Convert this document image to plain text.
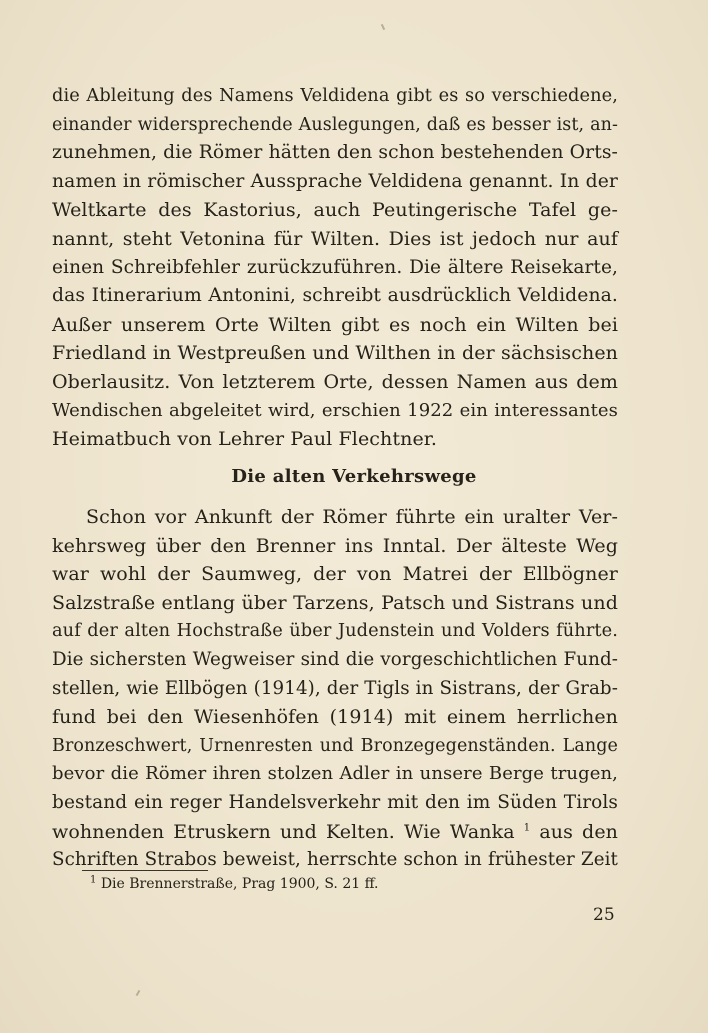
die Ableitung des Namens Veldidena gibt es so verschiedene,
einander widersprechende Auslegungen, daß es besser ist, an-
zunehmen, die Römer hätten den schon bestehenden Orts-
namen in römischer Aussprache Veldidena genannt. In der
Weltkarte des Kastorius, auch Peutingerische Tafel ge-
nannt, steht Vetonina für Wilten. Dies ist jedoch nur auf
einen Schreibfehler zurückzuführen. Die ältere Reisekarte,
das Itinerarium Antonini, schreibt ausdrücklich Veldidena.
Außer unserem Orte Wilten gibt es noch ein Wilten bei
Friedland in Westpreußen und Wilthen in der sächsischen
Oberlausitz. Von letzterem Orte, dessen Namen aus dem
Wendischen abgeleitet wird, erschien 1922 ein interessantes
Heimatbuch von Lehrer Paul Flechtner.
Die alten Verkehrswege
Schon vor Ankunft der Römer führte ein uralter Ver-
kehrsweg über den Brenner ins Inntal. Der älteste Weg
war wohl der Saumweg, der von Matrei der Ellbögner
Salzstraße entlang über Tarzens, Patsch und Sistrans und
auf der alten Hochstraße über Judenstein und Volders führte.
Die sichersten Wegweiser sind die vorgeschichtlichen Fund-
stellen, wie Ellbögen (1914), der Tigls in Sistrans, der Grab-
fund bei den Wiesenhöfen (1914) mit einem herrlichen
Bronzeschwert, Urnenresten und Bronzegegenständen. Lange
bevor die Römer ihren stolzen Adler in unsere Berge trugen,
bestand ein reger Handelsverkehr mit den im Süden Tirols
wohnenden Etruskern und Kelten. Wie Wanka $^1$ aus den
Schriften Strabos beweist, herrschte schon in frühester Zeit
$^1$ Die Brennerstraße, Prag 1900, S. 21 ff.
25
